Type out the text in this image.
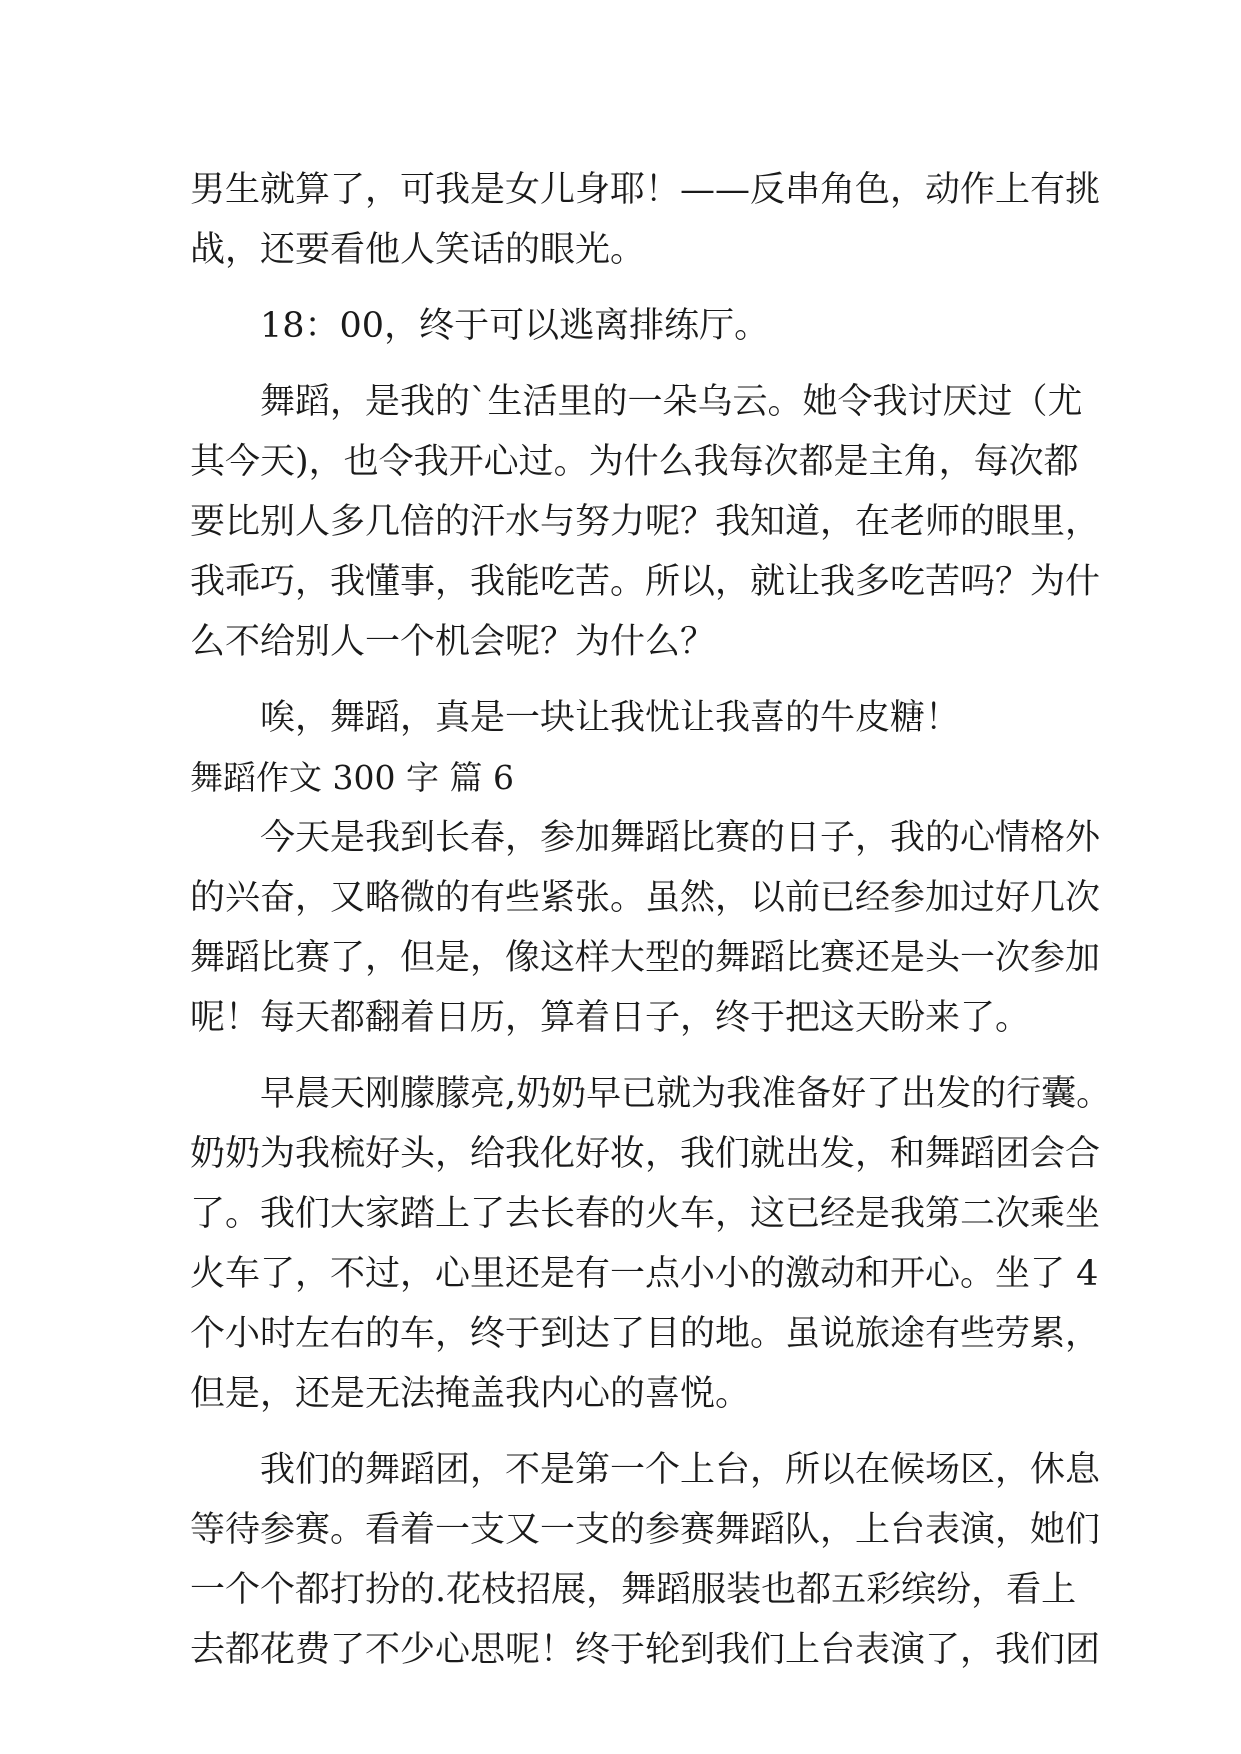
男生就算了，可我是女儿身耶！——反串角色，动作上有挑
战，还要看他人笑话的眼光。
　　18：00，终于可以逃离排练厅。
　　舞蹈，是我的`生活里的一朵乌云。她令我讨厌过（尤
其今天)，也令我开心过。为什么我每次都是主角，每次都
要比别人多几倍的汗水与努力呢？我知道，在老师的眼里，
我乖巧，我懂事，我能吃苦。所以，就让我多吃苦吗？为什
么不给别人一个机会呢？为什么？
　　唉，舞蹈，真是一块让我忧让我喜的牛皮糖！
舞蹈作文 300 字 篇 6
　　今天是我到长春，参加舞蹈比赛的日子，我的心情格外
的兴奋，又略微的有些紧张。虽然，以前已经参加过好几次
舞蹈比赛了，但是，像这样大型的舞蹈比赛还是头一次参加
呢！每天都翻着日历，算着日子，终于把这天盼来了。
　　早晨天刚朦朦亮,奶奶早已就为我准备好了出发的行囊。
奶奶为我梳好头，给我化好妆，我们就出发，和舞蹈团会合
了。我们大家踏上了去长春的火车，这已经是我第二次乘坐
火车了，不过，心里还是有一点小小的激动和开心。坐了 4
个小时左右的车，终于到达了目的地。虽说旅途有些劳累，
但是，还是无法掩盖我内心的喜悦。
　　我们的舞蹈团，不是第一个上台，所以在候场区，休息
等待参赛。看着一支又一支的参赛舞蹈队，上台表演，她们
一个个都打扮的.花枝招展，舞蹈服装也都五彩缤纷，看上
去都花费了不少心思呢！终于轮到我们上台表演了，我们团
